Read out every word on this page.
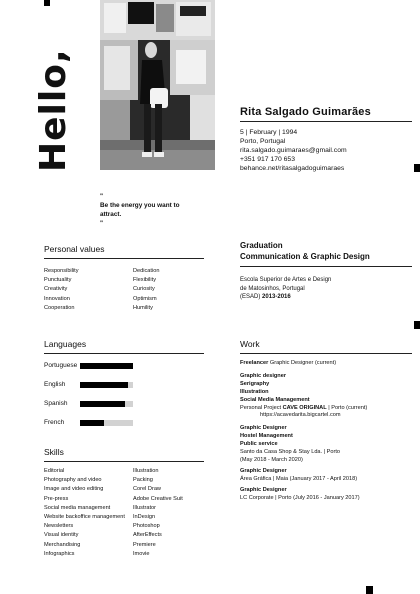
Hello,	Rita Salgado Guimarães
5 | February | 1994
Porto, Portugal
rita.salgado.guimaraes@gmail.com
+351 917 170 653
behance.net/ritasalgadoguimaraes
"
Be the energy you want to
attract.
"
Personal values
Responsibility
Punctuality
Creativity
Innovation
Cooperation
Dedication
Flexibility
Curiosity
Optimism
Humility
Languages
Portuguese
English
Spanish
French
Skills
Editorial
Photography and video
Image and video editing
Pre-press
Social media management
Website backoffice management
Newsletters
Visual identity
Merchandising
Infographics
Illustration
Packing
Corel Draw
Adobe Creative Suit
Illustrator
InDesign
Photoshop
AfterEffects
Premiere
Imovie
Graduation
Communication & Graphic Design
Escola Superior de Artes e Design
de Matosinhos, Portugal
(ESAD) 2013-2016
Work
Freelancer Graphic Designer (current)
Graphic designer
Serigraphy
Illustration
Social Media Management
Personal Project CAVE ORIGINAL | Porto (current)
https://acavedarita.bigcartel.com
Graphic Designer
Hostel Management
Public service
Santo da Casa Shop & Stay Lda. | Porto
(May 2018 - March 2020)
Graphic Designer
Área Gráfica | Maia (January 2017 - April 2018)
Graphic Designer
LC Corporate | Porto (July 2016 - January 2017)
